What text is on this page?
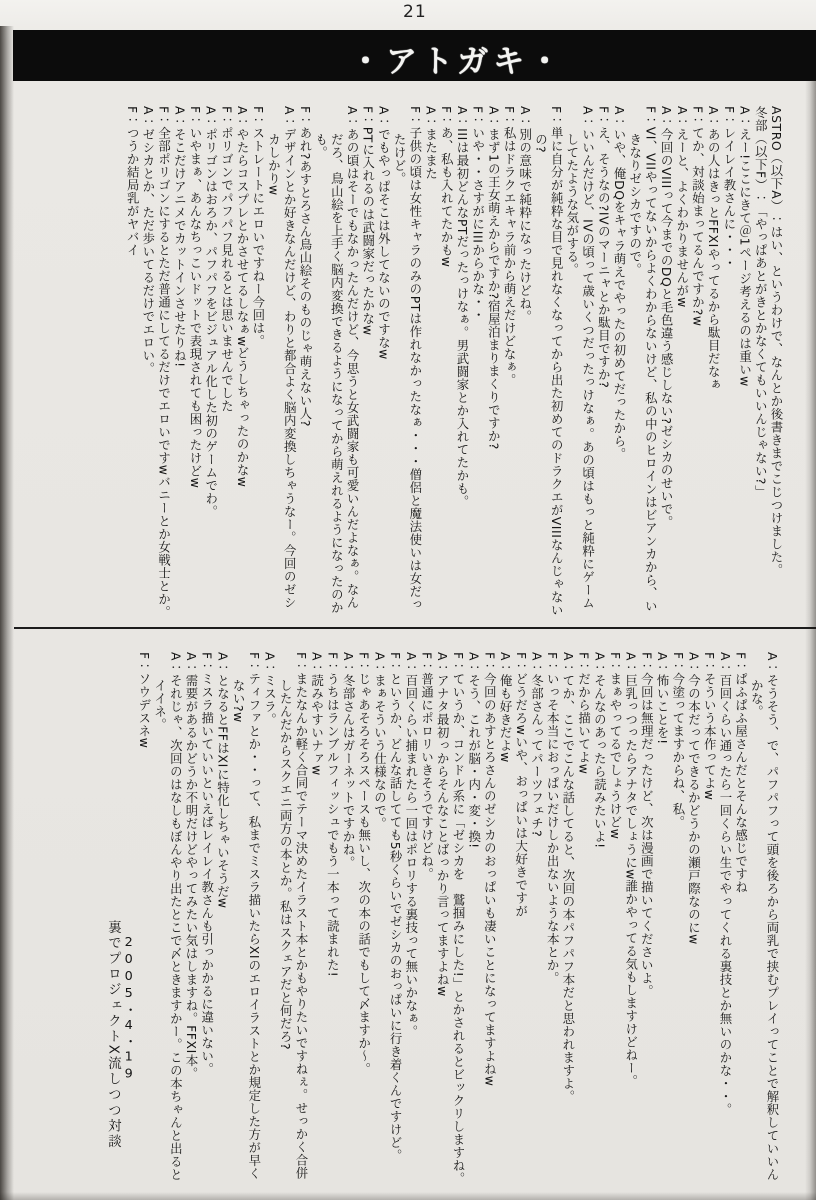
21
・アトガキ・

ASTRO（以下A）：はい、というわけで、なんとか後書きまでこじつけました。

冬部（以下F）：「やっぱあとがきとかなくてもいいんじゃない?」

A：えー!ここにきて＠1ページ考えるのは重いw

F：レイレイ教さんに・・・

A：あの人はきっとFFXIやってるから駄目だなぁ

F：てか、対談始まってるんですか?w

A：えーと、よくわかりませんがw

A：今回のVIIIって今までのDQと毛色違う感じしない?ゼシカのせいで。

F：VI、VIIやってないからよくわからないけど、私の中のヒロインはビアンカから、いきなりゼシカですので。

A：いや、俺DQをキャラ萌えでやったの初めてだったから。

F：え、そうなの?IVのマーニャとか駄目ですか?

A：いいんだけど、IVの頃って歳いくつだったっけなぁ。あの頃はもっと純粋にゲームしてたような気がする。

F：単に自分が純粋な目で見れなくなってから出た初めてのドラクエがVIIIなんじゃないの?

A：別の意味で純粋になったけどね。

F：私はドラクエキャラ前から萌えだけどなぁ。

A：まず1の王女萌えからですか?宿屋泊まりまくりですか?

F：いや・・さすがにIIIからかな・・

A：IIIは最初どんなPTだったっけなぁ。男武闘家とか入れてたかも。

F：あ、私も入れてたかもw

A：またまた

F：子供の頃は女性キャラのみのPTは作れなかったなぁ・・・僧侶と魔法使いは女だったけど。

A：でもやっぱそこは外してないのですなw

F：PTに入れるのは武闘家だったかなw

A：あの頃はそーでもなかったんだけど、今思うと女武闘家も可愛いんだよなぁ。なんだろ、鳥山絵を上手く脳内変換できるようになってから萌えれるようになったのかも。

F：あれ?あすとろさん鳥山絵そのものじゃ萌えない人?

A：デザインとか好きなんだけど、わりと都合よく脳内変換しちゃうなー。今回のゼシカしかりw

F：ストレートにエロいですねー今回は。

A：やたらコスプレとかさせてるしなぁwどうしちゃったのかなw

F：ポリゴンでパフパフ見れるとは思いませんでした

A：ポリゴンはおろか、パフパフをビジュアル化した初のゲームでわ。

F：いやまぁ、あんなちっこいドットで表現されても困ったけどw

A：そこだけアニメでカットインさせたりね!

F：全部ポリゴンにするとただ普通にしてるだけでエロいですwバニーとか女戦士とか。

A：ゼシカとか、ただ歩いてるだけでエロい。

F：つうか結局乳がヤバイ

A：そうそう、で、パフパフって頭を後ろから両乳で挟むプレイってことで解釈していいんかな。

F：ぱふぱふ屋さんだとそんな感じですね

A：百回くらい通ったら一回くらい生でやってくれる裏技とか無いのかな・・。

F：そういう本作ってよw

A：今の本だってできるかどうかの瀬戸際なのにw

F：今塗ってますからね、私。

A：怖いことを!

F：今回は無理だったけど、次は漫画で描いてくださいよ。

A：巨乳っつったらアナタでしょうにw誰かやってる気もしますけどねー。

F：まぁやってるでしょうけどw

A：そんなのあったら読みたいよ!

F：だから描いてよw

A：てか、ここでこんな話してると、次回の本パフパフ本だと思われますよ。

F：いっそ本当におっぱいだけしか出ないような本とか。

A：冬部さんってパーツフェチ?

F：どうだろwいや、おっぱいは大好きですが

A：俺も好きだよw

F：今回のあすとろさんのゼシカのおっぱいも凄いことになってますよねw

A：そう、これが脳・内・変・換!

F：ていうか、コンドル系に「ゼシカを　鷲掴みにした!」とかされるとビックリしますね。

A：アナタ最初っからそんなことばっかり言ってますよねw

F：普通にポロリいきそうですけどね。

A：百回くらい捕まれたら一回はポロリする裏技って無いかなぁ。

F：というか、どんな話してても5秒くらいでゼシカのおっぱいに行き着くんですけど。

A：まぁそういう仕様なので。

F：じゃあそろそろスペースも無いし、次の本の話でもして〆ますか〜。

A：冬部さんはガーネットですかね。

F：うちはランブルフィッシュでもう一本って読まれた!

A：読みやすいナァw

F：またなんか軽く合同でテーマ決めたイラスト本とかもやりたいですねぇ。せっかく合併したんだからスクエニ両方の本とか。私はスクェアだと何だろ?

A：ミスラ。

F：ティファとか・・って、私までミスラ描いたらXIのエロイラストとか規定した方が早くない?w

A：となるとFFはXIに特化しちゃいそうだw

F：ミスラ描いていいといえばレイレイ教さんも引っかかるに違いない。

A：需要があるかどうか不明だけどやってみたい気はしますね。FFXI本。

A：それじゃ、次回のはなしもぼんやり出たとこで〆ときますかー。この本ちゃんと出るとイイネ。

F：ソウデスネw

2005・4・19

裏でプロジェクトX流しつつ対談
